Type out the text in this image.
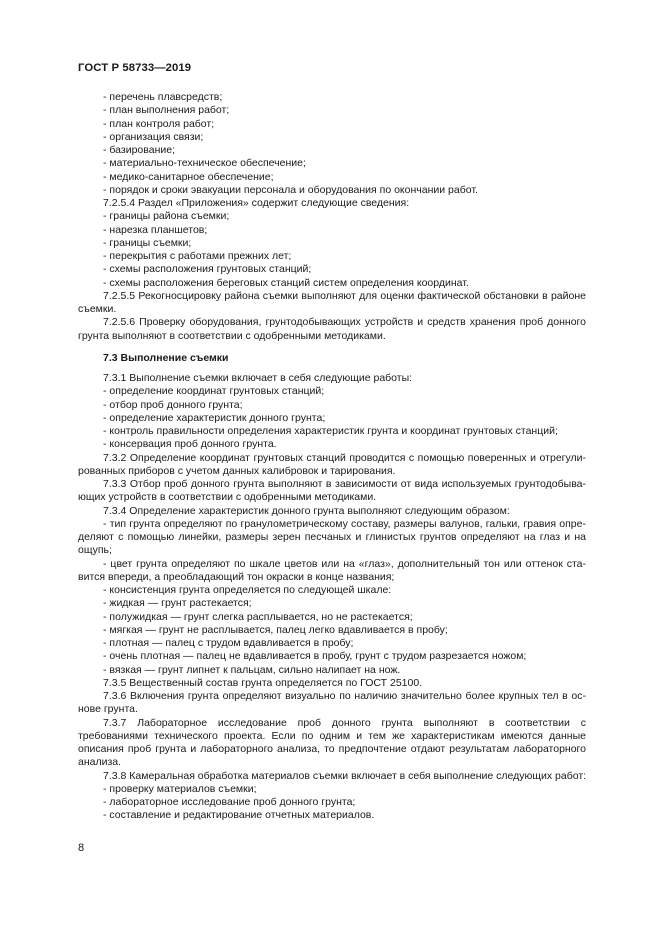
ГОСТ Р 58733—2019
- перечень плавсредств;
- план выполнения работ;
- план контроля работ;
- организация связи;
- базирование;
- материально-техническое обеспечение;
- медико-санитарное обеспечение;
- порядок и сроки эвакуации персонала и оборудования по окончании работ.
7.2.5.4 Раздел «Приложения» содержит следующие сведения:
- границы района съемки;
- нарезка планшетов;
- границы съемки;
- перекрытия с работами прежних лет;
- схемы расположения грунтовых станций;
- схемы расположения береговых станций систем определения координат.
7.2.5.5 Рекогносцировку района съемки выполняют для оценки фактической обстановки в районе съемки.
7.2.5.6 Проверку оборудования, грунтодобывающих устройств и средств хранения проб донного грунта выполняют в соответствии с одобренными методиками.
7.3 Выполнение съемки
7.3.1 Выполнение съемки включает в себя следующие работы:
- определение координат грунтовых станций;
- отбор проб донного грунта;
- определение характеристик донного грунта;
- контроль правильности определения характеристик грунта и координат грунтовых станций;
- консервация проб донного грунта.
7.3.2 Определение координат грунтовых станций проводится с помощью поверенных и отрегули-рованных приборов с учетом данных калибровок и тарирования.
7.3.3 Отбор проб донного грунта выполняют в зависимости от вида используемых грунтодобыва-ющих устройств в соответствии с одобренными методиками.
7.3.4 Определение характеристик донного грунта выполняют следующим образом:
- тип грунта определяют по гранулометрическому составу, размеры валунов, гальки, гравия опре-деляют с помощью линейки, размеры зерен песчаных и глинистых грунтов определяют на глаз и на ощупь;
- цвет грунта определяют по шкале цветов или на «глаз», дополнительный тон или оттенок ста-вится впереди, а преобладающий тон окраски в конце названия;
- консистенция грунта определяется по следующей шкале:
- жидкая — грунт растекается;
- полужидкая — грунт слегка расплывается, но не растекается;
- мягкая — грунт не расплывается, палец легко вдавливается в пробу;
- плотная — палец с трудом вдавливается в пробу;
- очень плотная — палец не вдавливается в пробу, грунт с трудом разрезается ножом;
- вязкая — грунт липнет к пальцам, сильно налипает на нож.
7.3.5 Вещественный состав грунта определяется по ГОСТ 25100.
7.3.6 Включения грунта определяют визуально по наличию значительно более крупных тел в ос-нове грунта.
7.3.7 Лабораторное исследование проб донного грунта выполняют в соответствии с требованиями технического проекта. Если по одним и тем же характеристикам имеются данные описания проб грунта и лабораторного анализа, то предпочтение отдают результатам лабораторного анализа.
7.3.8 Камеральная обработка материалов съемки включает в себя выполнение следующих работ:
- проверку материалов съемки;
- лабораторное исследование проб донного грунта;
- составление и редактирование отчетных материалов.
8
